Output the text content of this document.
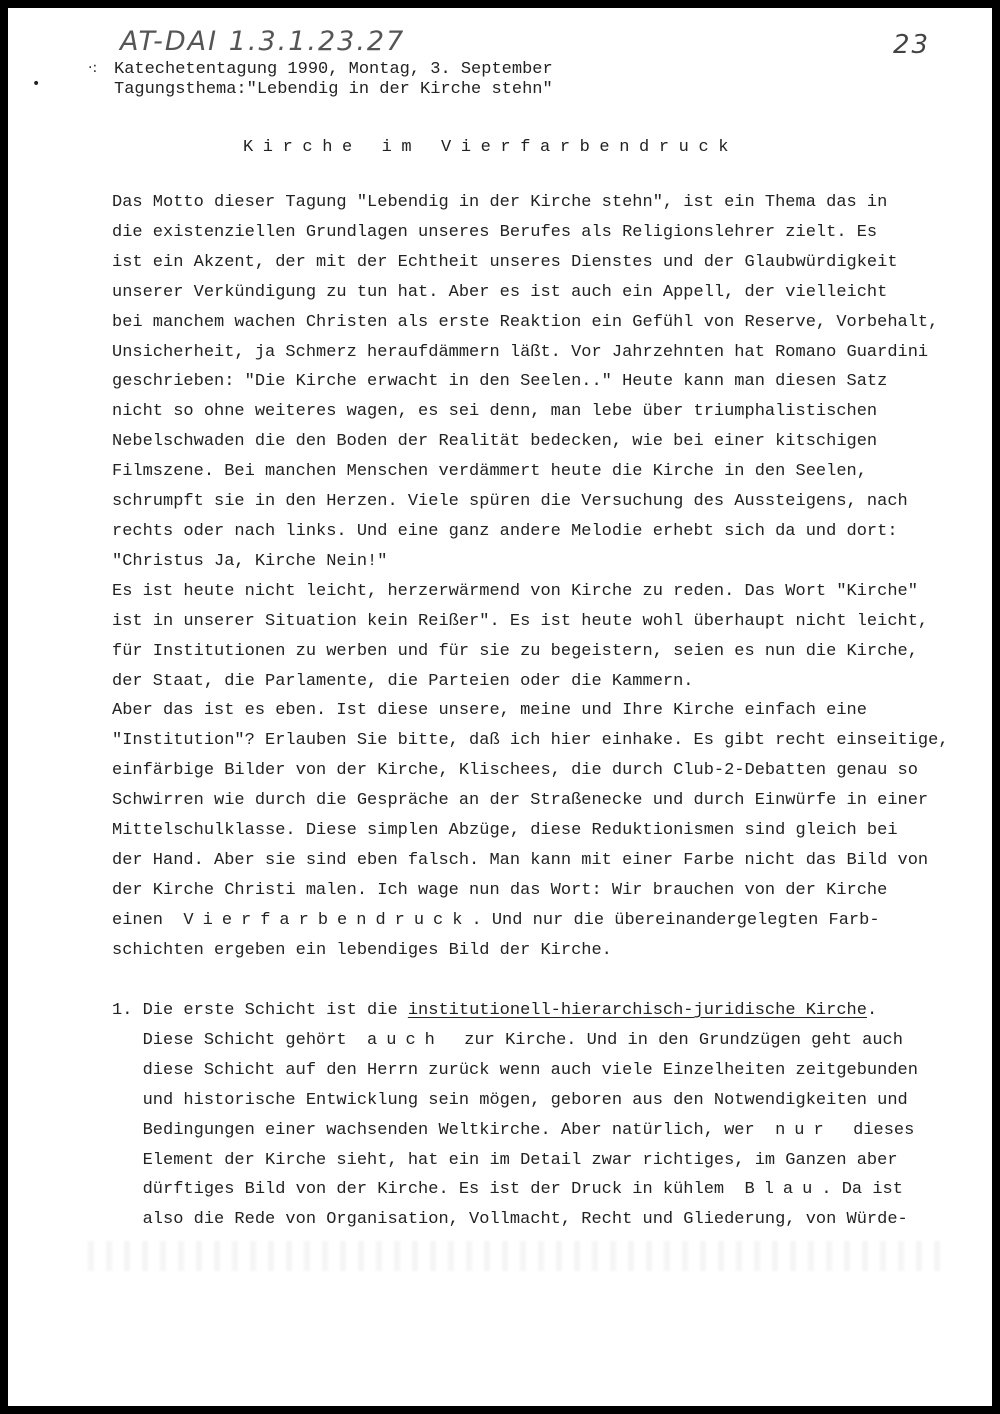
AT-DAI 1.3.1.23.27	23
·:
•
Katechetentagung 1990, Montag, 3. September
Tagungsthema:"Lebendig in der Kirche stehn"
Kirche im Vierfarbendruck
Das Motto dieser Tagung "Lebendig in der Kirche stehn", ist ein Thema das in
die existenziellen Grundlagen unseres Berufes als Religionslehrer zielt. Es
ist ein Akzent, der mit der Echtheit unseres Dienstes und der Glaubwürdigkeit
unserer Verkündigung zu tun hat. Aber es ist auch ein Appell, der vielleicht
bei manchem wachen Christen als erste Reaktion ein Gefühl von Reserve, Vorbehalt,
Unsicherheit, ja Schmerz heraufdämmern läßt. Vor Jahrzehnten hat Romano Guardini
geschrieben: "Die Kirche erwacht in den Seelen.." Heute kann man diesen Satz
nicht so ohne weiteres wagen, es sei denn, man lebe über triumphalistischen
Nebelschwaden die den Boden der Realität bedecken, wie bei einer kitschigen
Filmszene. Bei manchen Menschen verdämmert heute die Kirche in den Seelen,
schrumpft sie in den Herzen. Viele spüren die Versuchung des Aussteigens, nach
rechts oder nach links. Und eine ganz andere Melodie erhebt sich da und dort:
"Christus Ja, Kirche Nein!"
Es ist heute nicht leicht, herzerwärmend von Kirche zu reden. Das Wort "Kirche"
ist in unserer Situation kein Reißer". Es ist heute wohl überhaupt nicht leicht,
für Institutionen zu werben und für sie zu begeistern, seien es nun die Kirche,
der Staat, die Parlamente, die Parteien oder die Kammern.
Aber das ist es eben. Ist diese unsere, meine und Ihre Kirche einfach eine
"Institution"? Erlauben Sie bitte, daß ich hier einhake. Es gibt recht einseitige,
einfärbige Bilder von der Kirche, Klischees, die durch Club-2-Debatten genau so
Schwirren wie durch die Gespräche an der Straßenecke und durch Einwürfe in einer
Mittelschulklasse. Diese simplen Abzüge, diese Reduktionismen sind gleich bei
der Hand. Aber sie sind eben falsch. Man kann mit einer Farbe nicht das Bild von
der Kirche Christi malen. Ich wage nun das Wort: Wir brauchen von der Kirche
einen  Vierfarbendruck. Und nur die übereinandergelegten Farb-
schichten ergeben ein lebendiges Bild der Kirche.
1. Die erste Schicht ist die institutionell-hierarchisch-juridische Kirche.
Diese Schicht gehört  auch  zur Kirche. Und in den Grundzügen geht auch
diese Schicht auf den Herrn zurück wenn auch viele Einzelheiten zeitgebunden
und historische Entwicklung sein mögen, geboren aus den Notwendigkeiten und
Bedingungen einer wachsenden Weltkirche. Aber natürlich, wer  nur  dieses
Element der Kirche sieht, hat ein im Detail zwar richtiges, im Ganzen aber
dürftiges Bild von der Kirche. Es ist der Druck in kühlem  Blau. Da ist
also die Rede von Organisation, Vollmacht, Recht und Gliederung, von Würde-
